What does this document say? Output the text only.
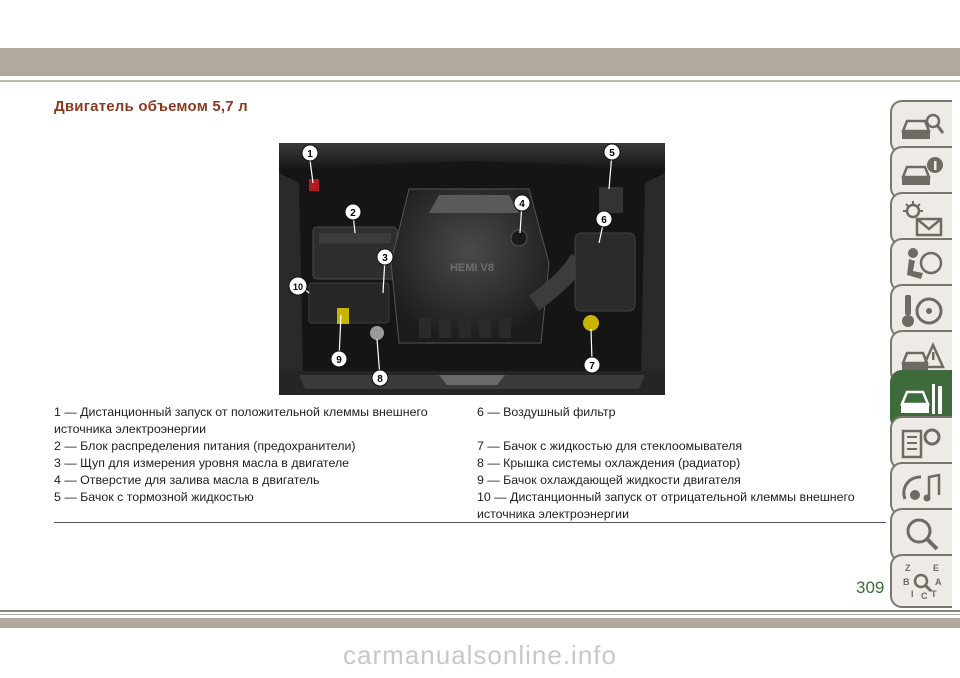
Двигатель объемом 5,7 л
HEMI V8
1	5
2
4
6
3
10
9
8
7

1 — Дистанционный запуск от положительной клеммы внешнего источника электроэнергии

2 — Блок распределения питания (предохранители)

3 — Щуп для измерения уровня масла в двигателе

4 — Отверстие для залива масла в двигатель

5 — Бачок с тормозной жидкостью

6 — Воздушный фильтр

7 — Бачок с жидкостью для стеклоомывателя

8 — Крышка системы охлаждения (радиатор)

9 — Бачок охлаждающей жидкости двигателя

10 — Дистанционный запуск от отрицательной клеммы внешнего источника электроэнергии

Z	E
B	A
I C T
309
carmanualsonline.info
